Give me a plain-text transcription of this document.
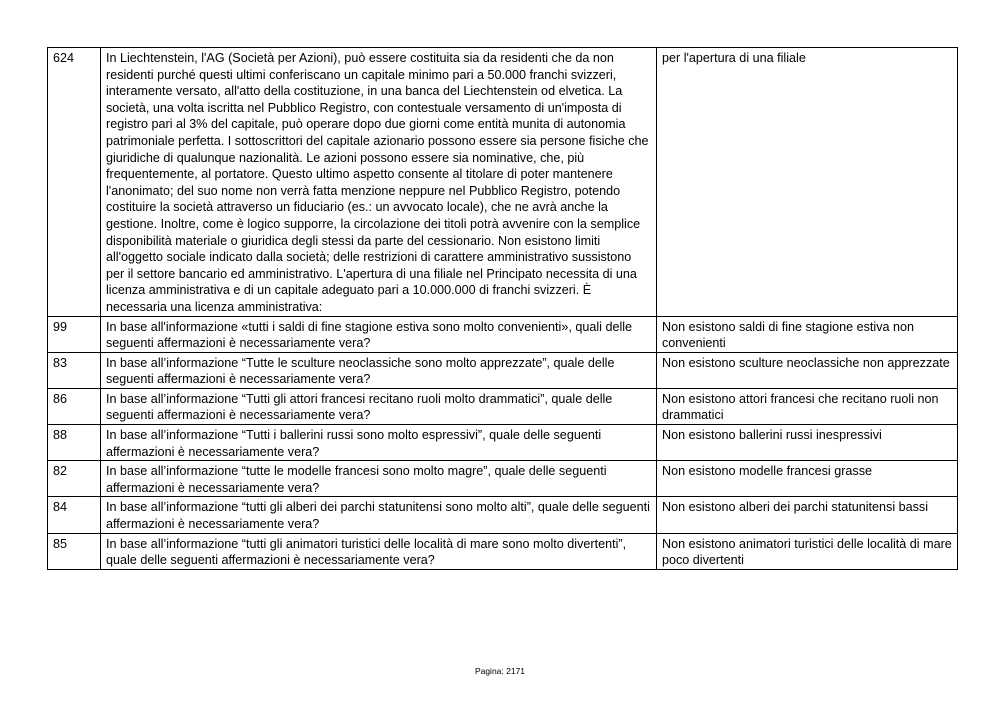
624	In Liechtenstein, l'AG (Società per Azioni), può essere costituita sia da residenti che da non residenti purché questi ultimi conferiscano un capitale minimo pari a 50.000 franchi svizzeri, interamente versato, all'atto della costituzione, in una banca del Liechtenstein od elvetica. La società, una volta iscritta nel Pubblico Registro, con contestuale versamento di un'imposta di registro pari al 3% del capitale, può operare dopo due giorni come entità munita di autonomia patrimoniale perfetta. I sottoscrittori del capitale azionario possono essere sia persone fisiche che giuridiche di qualunque nazionalità. Le azioni possono essere sia nominative, che, più frequentemente, al portatore. Questo ultimo aspetto consente al titolare di poter mantenere l'anonimato; del suo nome non verrà fatta menzione neppure nel Pubblico Registro, potendo costituire la società attraverso un fiduciario (es.: un avvocato locale), che ne avrà anche la gestione. Inoltre, come è logico supporre, la circolazione dei titoli potrà avvenire con la semplice disponibilità materiale o giuridica degli stessi da parte del cessionario. Non esistono limiti all'oggetto sociale indicato dalla società; delle restrizioni di carattere amministrativo sussistono per il settore bancario ed amministrativo. L'apertura di una filiale nel Principato necessita di una licenza amministrativa e di un capitale adeguato pari a 10.000.000 di franchi svizzeri. È necessaria una licenza amministrativa:	per l'apertura di una filiale
99	In base all'informazione «tutti i saldi di fine stagione estiva sono molto convenienti», quali delle seguenti affermazioni è necessariamente vera?	Non esistono saldi di fine stagione estiva non convenienti
83	In base all’informazione “Tutte le sculture neoclassiche sono molto apprezzate”, quale delle seguenti affermazioni è necessariamente vera?	Non esistono sculture neoclassiche non apprezzate
86	In base all’informazione “Tutti gli attori francesi recitano ruoli molto drammatici”, quale delle seguenti affermazioni è necessariamente vera?	Non esistono attori francesi che recitano ruoli non drammatici
88	In base all’informazione “Tutti i ballerini russi sono molto espressivi”, quale delle seguenti affermazioni è necessariamente vera?	Non esistono ballerini russi inespressivi
82	In base all’informazione “tutte le modelle francesi sono molto magre”, quale delle seguenti affermazioni è necessariamente vera?	Non esistono modelle francesi grasse
84	In base all’informazione “tutti gli alberi dei parchi statunitensi sono molto alti”, quale delle seguenti affermazioni è necessariamente vera?	Non esistono alberi dei parchi statunitensi bassi
85	In base all’informazione “tutti gli animatori turistici delle località di mare sono molto divertenti”, quale delle seguenti affermazioni è necessariamente vera?	Non esistono animatori turistici delle località di mare poco divertenti
Pagina: 2171
